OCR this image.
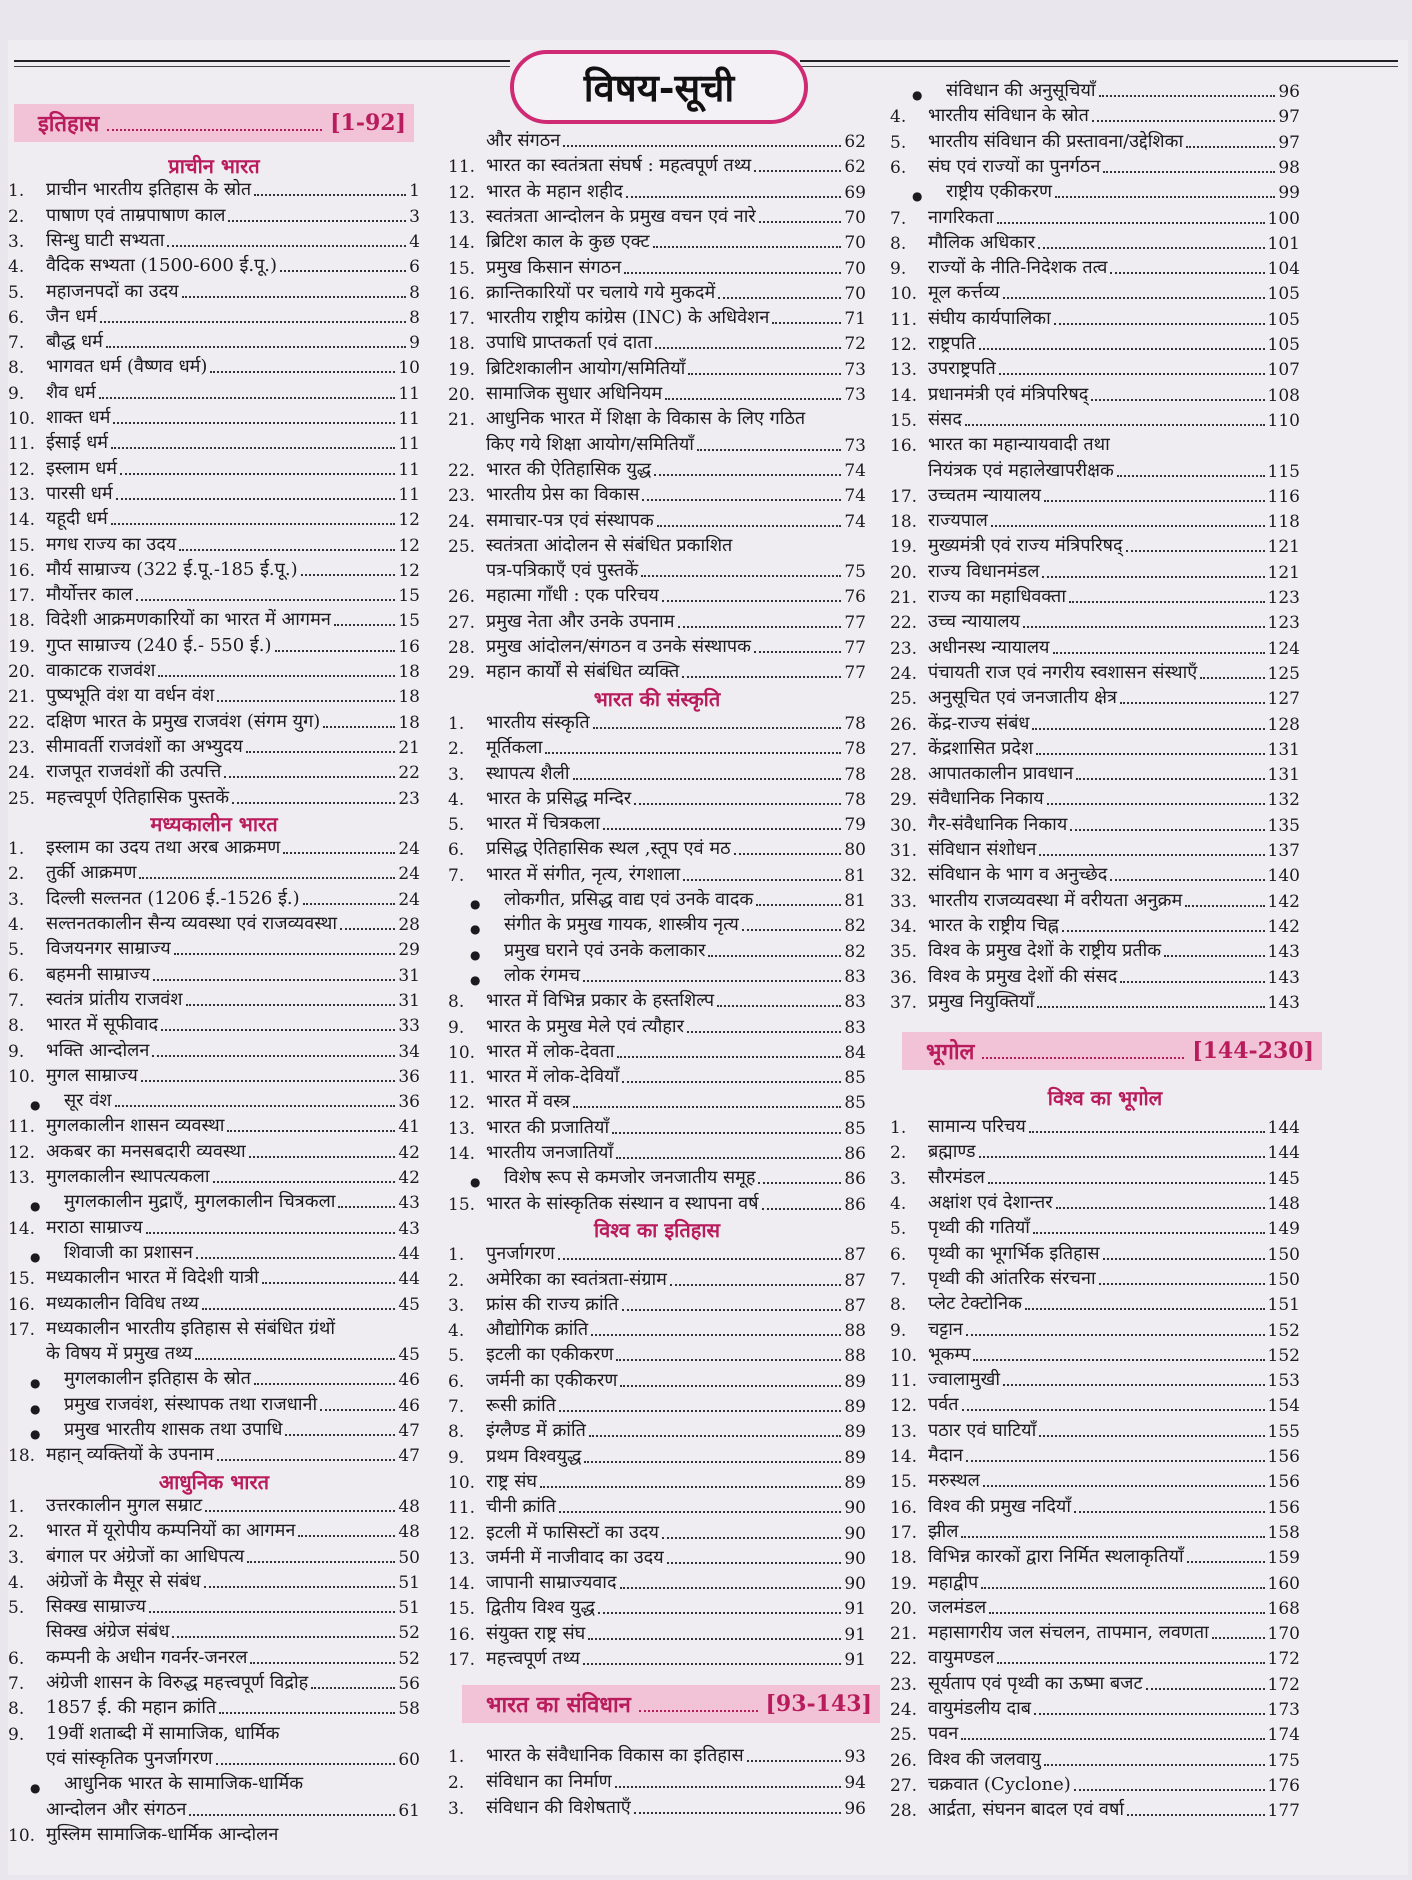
विषय-सूची
इतिहास	[1-92]
प्राचीन भारत
1.	प्राचीन भारतीय इतिहास के स्रोत	1
2.	पाषाण एवं ताम्रपाषाण काल	3
3.	सिन्धु घाटी सभ्यता	4
4.	वैदिक सभ्यता (1500-600 ई.पू.)	6
5.	महाजनपदों का उदय	8
6.	जैन धर्म	8
7.	बौद्ध धर्म	9
8.	भागवत धर्म (वैष्णव धर्म)	10
9.	शैव धर्म	11
10. शाक्त धर्म	11
11. ईसाई धर्म	11
12. इस्लाम धर्म	11
13. पारसी धर्म	11
14. यहूदी धर्म	12
15. मगध राज्य का उदय	12
16. मौर्य साम्राज्य (322 ई.पू.-185 ई.पू.)	12
17. मौर्योत्तर काल	15
18. विदेशी आक्रमणकारियों का भारत में आगमन	15
19. गुप्त साम्राज्य (240 ई.- 550 ई.)	16
20. वाकाटक राजवंश	18
21. पुष्यभूति वंश या वर्धन वंश	18
22. दक्षिण भारत के प्रमुख राजवंश (संगम युग)	18
23. सीमावर्ती राजवंशों का अभ्युदय	21
24. राजपूत राजवंशों की उत्पत्ति	22
25. महत्त्वपूर्ण ऐतिहासिक पुस्तकें	23
मध्यकालीन भारत
1.	इस्लाम का उदय तथा अरब आक्रमण	24
2.	तुर्की आक्रमण	24
3.	दिल्ली सल्तनत (1206 ई.-1526 ई.)	24
4.	सल्तनतकालीन सैन्य व्यवस्था एवं राजव्यवस्था	28
5.	विजयनगर साम्राज्य	29
6.	बहमनी साम्राज्य	31
7.	स्वतंत्र प्रांतीय राजवंश	31
8.	भारत में सूफीवाद	33
9.	भक्ति आन्दोलन	34
10. मुगल साम्राज्य	36
●	सूर वंश	36
11. मुगलकालीन शासन व्यवस्था	41
12. अकबर का मनसबदारी व्यवस्था	42
13. मुगलकालीन स्थापत्यकला	42
●	मुगलकालीन मुद्राएँ, मुगलकालीन चित्रकला	43
14. मराठा साम्राज्य	43
●	शिवाजी का प्रशासन	44
15. मध्यकालीन भारत में विदेशी यात्री	44
16. मध्यकालीन विविध तथ्य	45
17. मध्यकालीन भारतीय इतिहास से संबंधित ग्रंथों
के विषय में प्रमुख तथ्य	45
●	मुगलकालीन इतिहास के स्रोत	46
●	प्रमुख राजवंश, संस्थापक तथा राजधानी	46
●	प्रमुख भारतीय शासक तथा उपाधि	47
18. महान् व्यक्तियों के उपनाम	47
आधुनिक भारत
1.	उत्तरकालीन मुगल सम्राट	48
2.	भारत में यूरोपीय कम्पनियों का आगमन	48
3.	बंगाल पर अंग्रेजों का आधिपत्य	50
4.	अंग्रेजों के मैसूर से संबंध	51
5.	सिक्ख साम्राज्य	51
सिक्ख अंग्रेज संबंध	52
6.	कम्पनी के अधीन गवर्नर-जनरल	52
7.	अंग्रेजी शासन के विरुद्ध महत्त्वपूर्ण विद्रोह	56
8.	1857 ई. की महान क्रांति	58
9.	19वीं शताब्दी में सामाजिक, धार्मिक
एवं सांस्कृतिक पुनर्जागरण	60
●	आधुनिक भारत के सामाजिक-धार्मिक
आन्दोलन और संगठन	61
10. मुस्लिम सामाजिक-धार्मिक आन्दोलन
और संगठन	62
11. भारत का स्वतंत्रता संघर्ष : महत्वपूर्ण तथ्य	62
12. भारत के महान शहीद	69
13. स्वतंत्रता आन्दोलन के प्रमुख वचन एवं नारे	70
14. ब्रिटिश काल के कुछ एक्ट	70
15. प्रमुख किसान संगठन	70
16. क्रान्तिकारियों पर चलाये गये मुकदमें	70
17. भारतीय राष्ट्रीय कांग्रेस (INC) के अधिवेशन	71
18. उपाधि प्राप्तकर्ता एवं दाता	72
19. ब्रिटिशकालीन आयोग/समितियाँ	73
20. सामाजिक सुधार अधिनियम	73
21. आधुनिक भारत में शिक्षा के विकास के लिए गठित
किए गये शिक्षा आयोग/समितियाँ	73
22. भारत की ऐतिहासिक युद्ध	74
23. भारतीय प्रेस का विकास	74
24. समाचार-पत्र एवं संस्थापक	74
25. स्वतंत्रता आंदोलन से संबंधित प्रकाशित
पत्र-पत्रिकाएँ एवं पुस्तकें	75
26. महात्मा गाँधी : एक परिचय	76
27. प्रमुख नेता और उनके उपनाम	77
28. प्रमुख आंदोलन/संगठन व उनके संस्थापक	77
29. महान कार्यों से संबंधित व्यक्ति	77
भारत की संस्कृति
1.	भारतीय संस्कृति	78
2.	मूर्तिकला	78
3.	स्थापत्य शैली	78
4.	भारत के प्रसिद्ध मन्दिर	78
5.	भारत में चित्रकला	79
6.	प्रसिद्ध ऐतिहासिक स्थल ,स्तूप एवं मठ	80
7.	भारत में संगीत, नृत्य, रंगशाला	81
●	लोकगीत, प्रसिद्ध वाद्य एवं उनके वादक	81
●	संगीत के प्रमुख गायक, शास्त्रीय नृत्य	82
●	प्रमुख घराने एवं उनके कलाकार	82
●	लोक रंगमच	83
8.	भारत में विभिन्न प्रकार के हस्तशिल्प	83
9.	भारत के प्रमुख मेले एवं त्यौहार	83
10. भारत में लोक-देवता	84
11. भारत में लोक-देवियाँ	85
12. भारत में वस्त्र	85
13. भारत की प्रजातियाँ	85
14. भारतीय जनजातियाँ	86
●	विशेष रूप से कमजोर जनजातीय समूह	86
15. भारत के सांस्कृतिक संस्थान व स्थापना वर्ष	86
विश्व का इतिहास
1.	पुनर्जागरण	87
2.	अमेरिका का स्वतंत्रता-संग्राम	87
3.	फ्रांस की राज्य क्रांति	87
4.	औद्योगिक क्रांति	88
5.	इटली का एकीकरण	88
6.	जर्मनी का एकीकरण	89
7.	रूसी क्रांति	89
8.	इंग्लैण्ड में क्रांति	89
9.	प्रथम विश्वयुद्ध	89
10. राष्ट्र संघ	89
11. चीनी क्रांति	90
12. इटली में फासिस्टों का उदय	90
13. जर्मनी में नाजीवाद का उदय	90
14. जापानी साम्राज्यवाद	90
15. द्वितीय विश्व युद्ध	91
16. संयुक्त राष्ट्र संघ	91
17. महत्त्वपूर्ण तथ्य	91
भारत का संविधान	[93-143]
1.	भारत के संवैधानिक विकास का इतिहास	93
2.	संविधान का निर्माण	94
3.	संविधान की विशेषताएँ	96
●	संविधान की अनुसूचियाँ	96
4.	भारतीय संविधान के स्रोत	97
5.	भारतीय संविधान की प्रस्तावना/उद्देशिका	97
6.	संघ एवं राज्यों का पुनर्गठन	98
●	राष्ट्रीय एकीकरण	99
7.	नागरिकता	100
8.	मौलिक अधिकार	101
9.	राज्यों के नीति-निदेशक तत्व	104
10. मूल कर्त्तव्य	105
11. संघीय कार्यपालिका	105
12. राष्ट्रपति	105
13. उपराष्ट्रपति	107
14. प्रधानमंत्री एवं मंत्रिपरिषद्	108
15. संसद	110
16. भारत का महान्यायवादी तथा
नियंत्रक एवं महालेखापरीक्षक	115
17. उच्चतम न्यायालय	116
18. राज्यपाल	118
19. मुख्यमंत्री एवं राज्य मंत्रिपरिषद्	121
20. राज्य विधानमंडल	121
21. राज्य का महाधिवक्ता	123
22. उच्च न्यायालय	123
23. अधीनस्थ न्यायालय	124
24. पंचायती राज एवं नगरीय स्वशासन संस्थाएँ	125
25. अनुसूचित एवं जनजातीय क्षेत्र	127
26. केंद्र-राज्य संबंध	128
27. केंद्रशासित प्रदेश	131
28. आपातकालीन प्रावधान	131
29. संवैधानिक निकाय	132
30. गैर-संवैधानिक निकाय	135
31. संविधान संशोधन	137
32. संविधान के भाग व अनुच्छेद	140
33. भारतीय राजव्यवस्था में वरीयता अनुक्रम	142
34. भारत के राष्ट्रीय चिह्न	142
35. विश्व के प्रमुख देशों के राष्ट्रीय प्रतीक	143
36. विश्व के प्रमुख देशों की संसद	143
37. प्रमुख नियुक्तियाँ	143
भूगोल	[144-230]
विश्व का भूगोल
1.	सामान्य परिचय	144
2.	ब्रह्माण्ड	144
3.	सौरमंडल	145
4.	अक्षांश एवं देशान्तर	148
5.	पृथ्वी की गतियाँ	149
6.	पृथ्वी का भूगर्भिक इतिहास	150
7.	पृथ्वी की आंतरिक संरचना	150
8.	प्लेट टेक्टोनिक	151
9.	चट्टान	152
10. भूकम्प	152
11. ज्वालामुखी	153
12. पर्वत	154
13. पठार एवं घाटियाँ	155
14. मैदान	156
15. मरुस्थल	156
16. विश्व की प्रमुख नदियाँ	156
17. झील	158
18. विभिन्न कारकों द्वारा निर्मित स्थलाकृतियाँ	159
19. महाद्वीप	160
20. जलमंडल	168
21. महासागरीय जल संचलन, तापमान, लवणता	170
22. वायुमण्डल	172
23. सूर्यताप एवं पृथ्वी का ऊष्मा बजट	172
24. वायुमंडलीय दाब	173
25. पवन	174
26. विश्व की जलवायु	175
27. चक्रवात (Cyclone)	176
28. आर्द्रता, संघनन बादल एवं वर्षा	177
